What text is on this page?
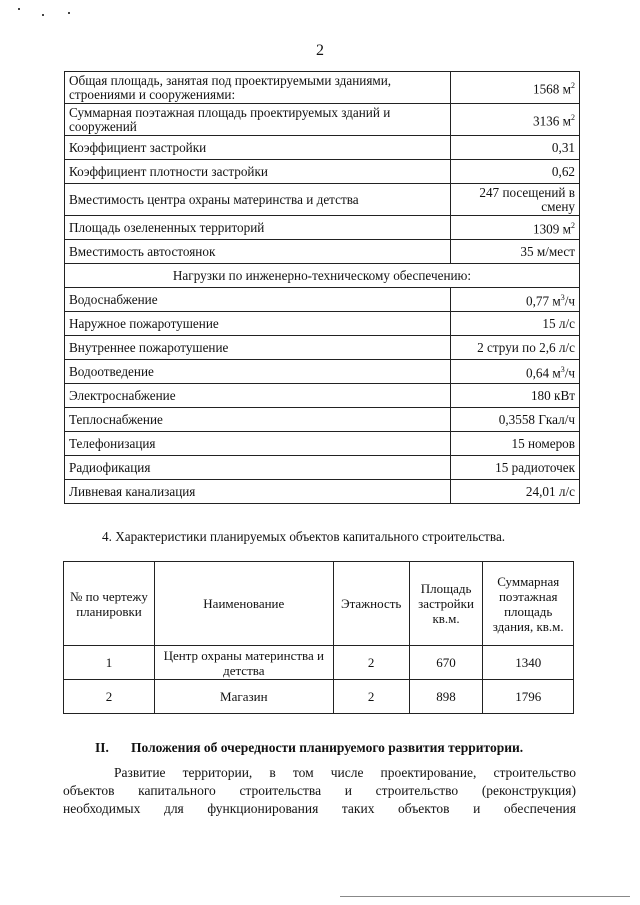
2
Общая площадь, занятая под проектируемыми зданиями, строениями и сооружениями:	1568 $м^2$
Суммарная поэтажная площадь проектируемых зданий и сооружений	3136 $м^2$
Коэффициент застройки	0,31
Коэффициент плотности застройки	0,62
Вместимость центра охраны материнства и детства	247 посещений в смену
Площадь озелененных территорий	1309 $м^2$
Вместимость автостоянок	35 м/мест
Нагрузки по инженерно-техническому обеспечению:	
Водоснабжение	0,77 $м^3/ч$
Наружное пожаротушение	15 л/с
Внутреннее пожаротушение	2 струи по 2,6 л/с
Водоотведение	0,64 $м^3/ч$
Электроснабжение	180 кВт
Теплоснабжение	0,3558 Гкал/ч
Телефонизация	15 номеров
Радиофикация	15 радиоточек
Ливневая канализация	24,01 л/с
4. Характеристики планируемых объектов капитального строительства.
№ по чертежу планировки	Наименование	Этажность	Площадь застройки кв.м.	Суммарная поэтажная площадь здания, кв.м.
1	Центр охраны материнства и детства	2	670	1340
2	Магазин	2	898	1796
II. Положения об очередности планируемого развития территории.
Развитие территории, в том числе проектирование, строительство
объектов капитального строительства и строительство (реконструкция)
необходимых для функционирования таких объектов и обеспечения
